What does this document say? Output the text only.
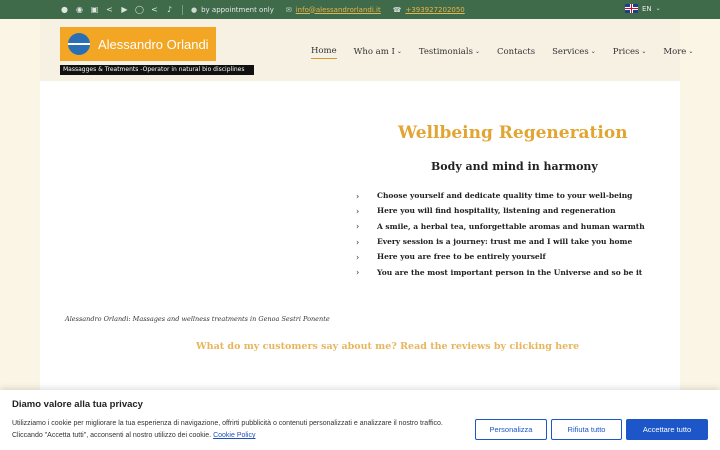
● ◉ ▣ < ▶ ◯ < ♪	● by appointment only ✉ info@alessandrorlandi.it ☎ +393927202050	EN ⌄
Alessandro Orlandi
Massagges & Treatments -Operator in natural bio disciplines
Home Who am I ⌄ Testimonials ⌄ Contacts Services ⌄ Prices ⌄ More ⌄
Wellbeing Regeneration
Body and mind in harmony
›	Choose yourself and dedicate quality time to your well-being
›	Here you will find hospitality, listening and regeneration
›	A smile, a herbal tea, unforgettable aromas and human warmth
›	Every session is a journey: trust me and I will take you home
›	Here you are free to be entirely yourself
›	You are the most important person in the Universe and so be it
Alessandro Orlandi: Massages and wellness treatments in Genoa Sestri Ponente
What do my customers say about me? Read the reviews by clicking here
Diamo valore alla tua privacy
Utilizziamo i cookie per migliorare la tua esperienza di navigazione, offrirti pubblicità o contenuti personalizzati e analizzare il nostro traffico. Cliccando "Accetta tutti", acconsenti al nostro utilizzo dei cookie. Cookie Policy
Personalizza	Rifiuta tutto	Accettare tutto
